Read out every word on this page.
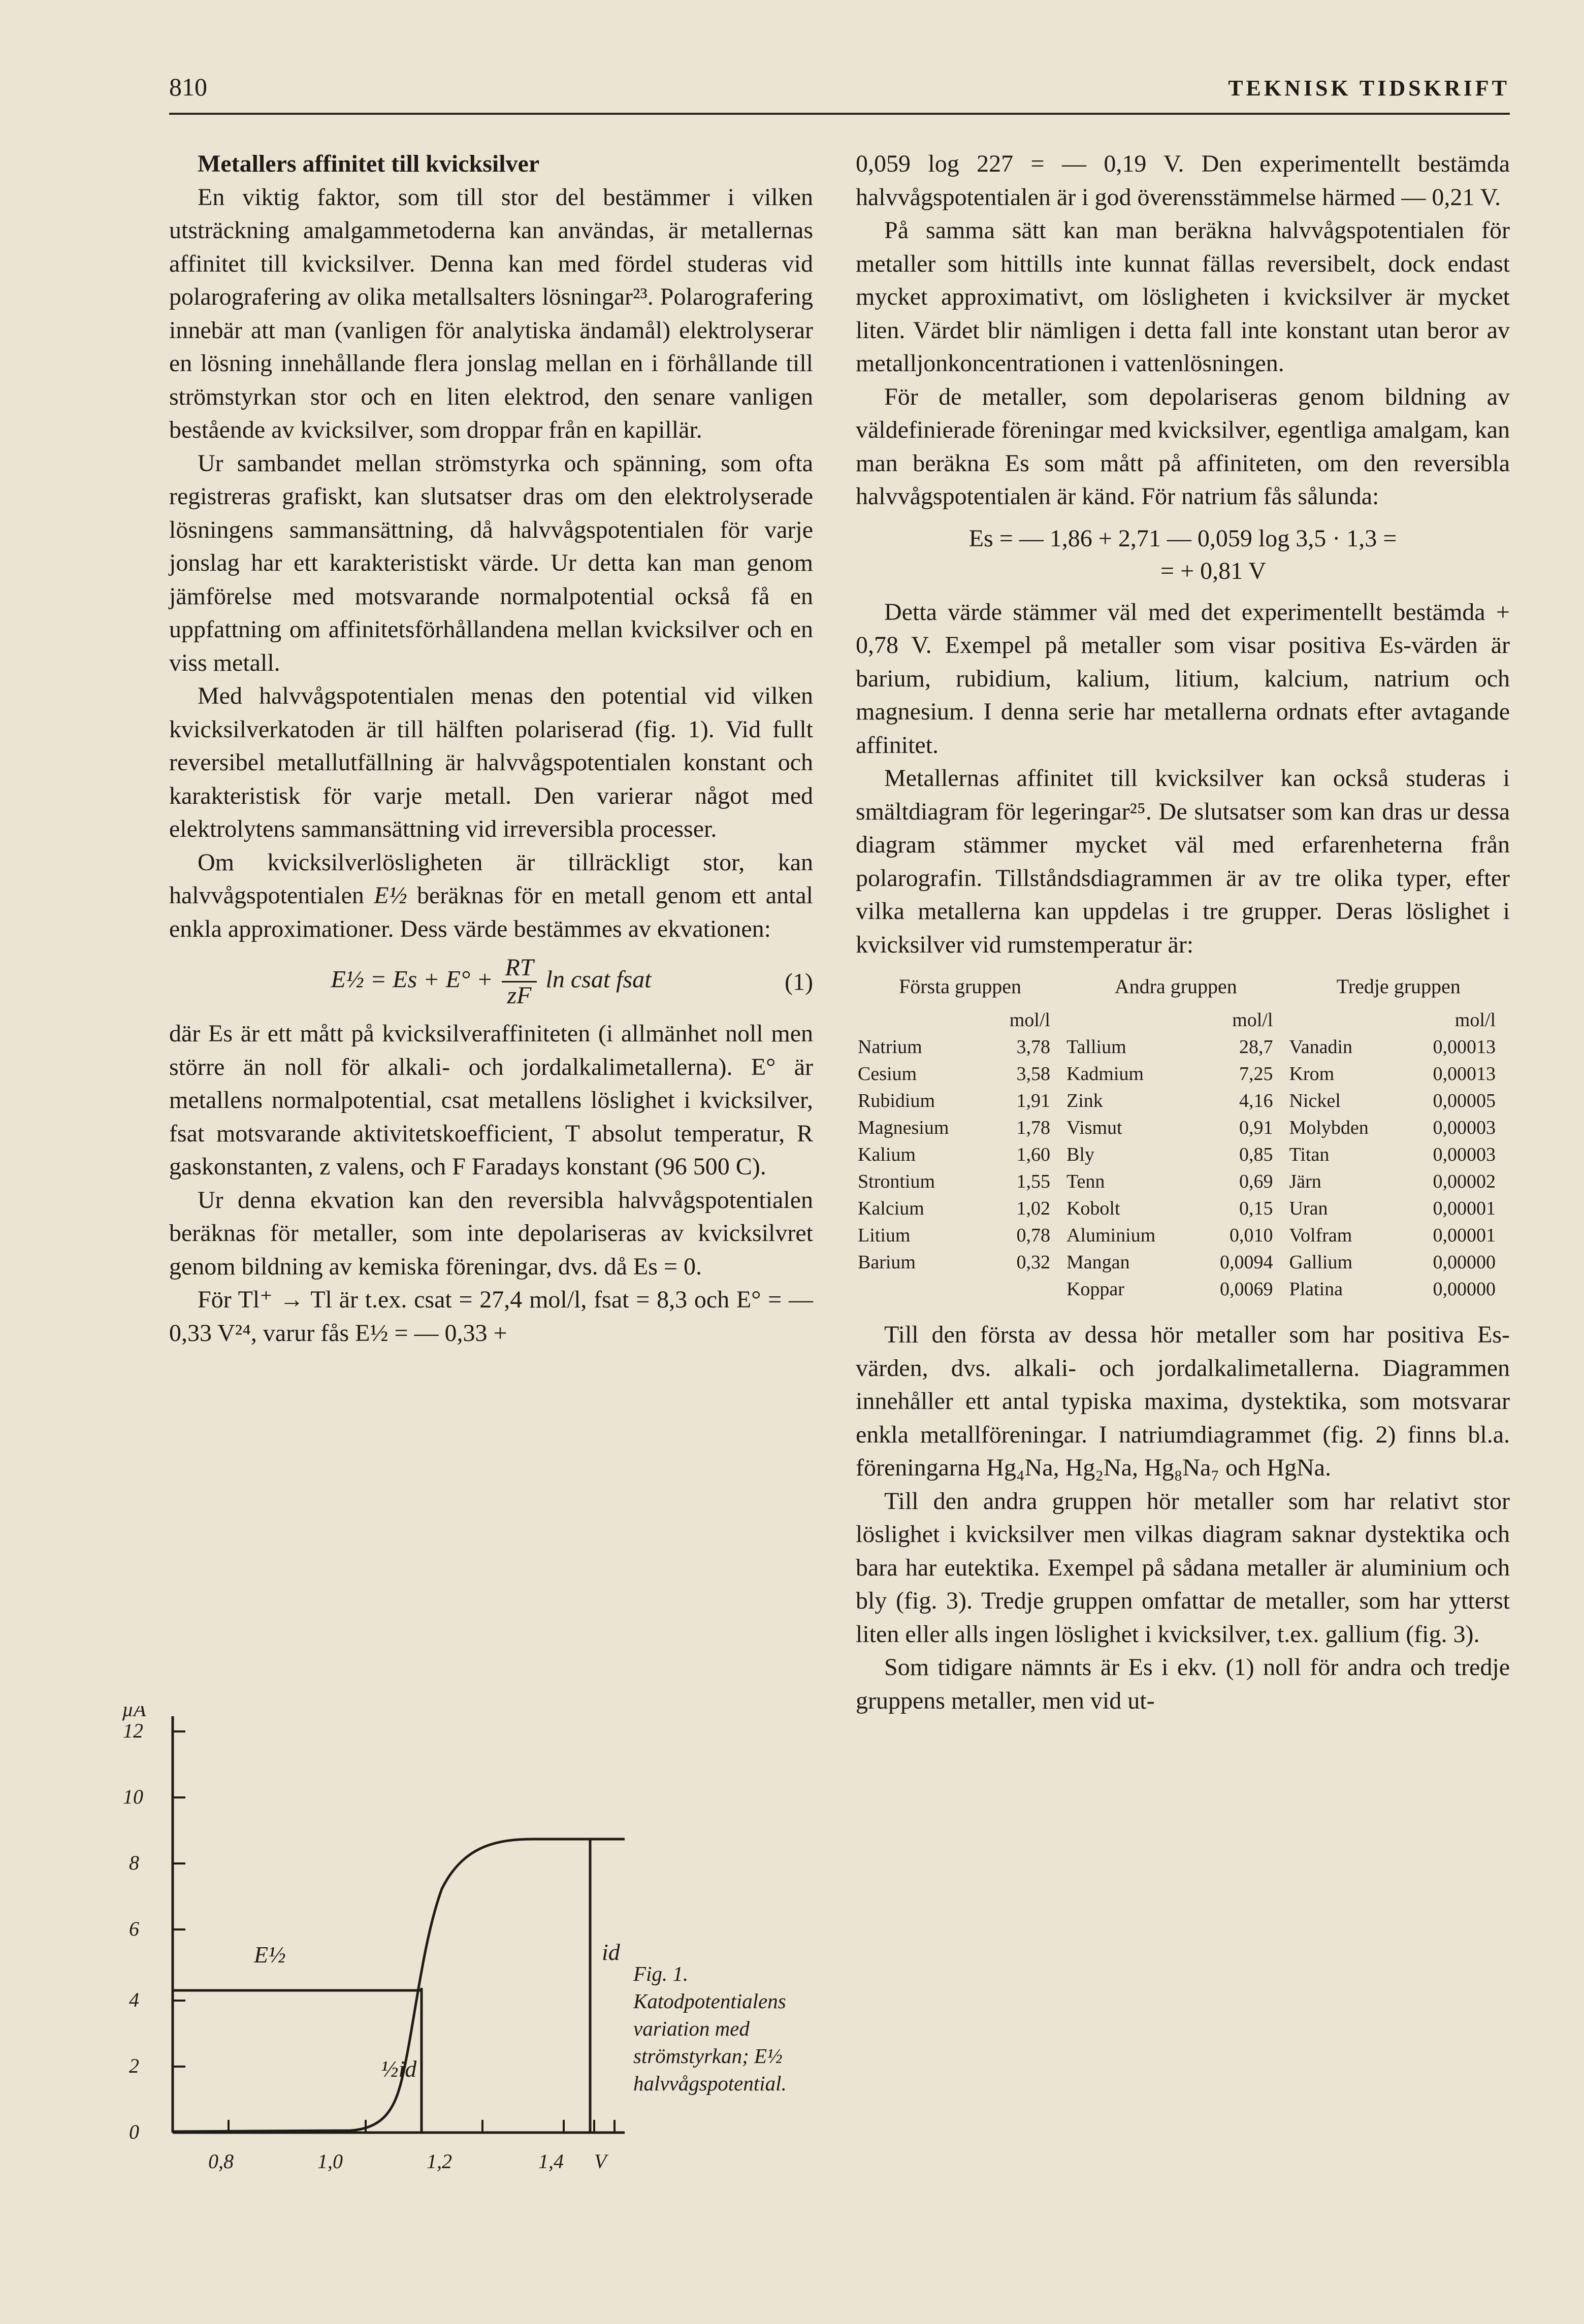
810	TEKNISK TIDSKRIFT
Metallers affinitet till kvicksilver

En viktig faktor, som till stor del bestämmer i vilken utsträckning amalgammetoderna kan användas, är metallernas affinitet till kvicksilver. Denna kan med fördel studeras vid polarografering av olika metallsalters lösningar²³. Polarografering innebär att man (vanligen för analytiska ändamål) elektrolyserar en lösning innehållande flera jonslag mellan en i förhållande till strömstyrkan stor och en liten elektrod, den senare vanligen bestående av kvicksilver, som droppar från en kapillär.

Ur sambandet mellan strömstyrka och spänning, som ofta registreras grafiskt, kan slutsatser dras om den elektrolyserade lösningens sammansättning, då halvvågspotentialen för varje jonslag har ett karakteristiskt värde. Ur detta kan man genom jämförelse med motsvarande normalpotential också få en uppfattning om affinitetsförhållandena mellan kvicksilver och en viss metall.

Med halvvågspotentialen menas den potential vid vilken kvicksilverkatoden är till hälften polariserad (fig. 1). Vid fullt reversibel metallutfällning är halvvågspotentialen konstant och karakteristisk för varje metall. Den varierar något med elektrolytens sammansättning vid irreversibla processer.

Om kvicksilverlösligheten är tillräckligt stor, kan halvvågspotentialen E½ beräknas för en metall genom ett antal enkla approximationer. Dess värde bestämmes av ekvationen:

E½ = $Es + E^\circ + \frac{RT}{zF}$ ln csat fsat	(1)

där Es är ett mått på kvicksilveraffiniteten (i allmänhet noll men större än noll för alkali- och jordalkalimetallerna). E° är metallens normalpotential, csat metallens löslighet i kvicksilver, fsat motsvarande aktivitetskoefficient, T absolut temperatur, R gaskonstanten, z valens, och F Faradays konstant (96 500 C).

Ur denna ekvation kan den reversibla halvvågspotentialen beräknas för metaller, som inte depolariseras av kvicksilvret genom bildning av kemiska föreningar, dvs. då Es = 0.

För Tl⁺ → Tl är t.ex. csat = 27,4 mol/l, fsat = 8,3 och E° = — 0,33 V²⁴, varur fås E½ = — 0,33 +

0,059 log 227 = — 0,19 V. Den experimentellt bestämda halvvågspotentialen är i god överensstämmelse härmed — 0,21 V.

På samma sätt kan man beräkna halvvågspotentialen för metaller som hittills inte kunnat fällas reversibelt, dock endast mycket approximativt, om lösligheten i kvicksilver är mycket liten. Värdet blir nämligen i detta fall inte konstant utan beror av metalljonkoncentrationen i vattenlösningen.

För de metaller, som depolariseras genom bildning av väldefinierade föreningar med kvicksilver, egentliga amalgam, kan man beräkna Es som mått på affiniteten, om den reversibla halvvågspotentialen är känd. För natrium fås sålunda:

Es = — 1,86 + 2,71 — 0,059 log 3,5 · 1,3 =
= + 0,81 V

Detta värde stämmer väl med det experimentellt bestämda + 0,78 V. Exempel på metaller som visar positiva Es-värden är barium, rubidium, kalium, litium, kalcium, natrium och magnesium. I denna serie har metallerna ordnats efter avtagande affinitet.

Metallernas affinitet till kvicksilver kan också studeras i smältdiagram för legeringar²⁵. De slutsatser som kan dras ur dessa diagram stämmer mycket väl med erfarenheterna från polarografin. Tillståndsdiagrammen är av tre olika typer, efter vilka metallerna kan uppdelas i tre grupper. Deras löslighet i kvicksilver vid rumstemperatur är:

Första gruppen		Andra gruppen		Tredje gruppen	
	mol/l		mol/l		mol/l
Natrium	3,78	Tallium	28,7	Vanadin	0,00013
Cesium	3,58	Kadmium	7,25	Krom	0,00013
Rubidium	1,91	Zink	4,16	Nickel	0,00005
Magnesium	1,78	Vismut	0,91	Molybden	0,00003
Kalium	1,60	Bly	0,85	Titan	0,00003
Strontium	1,55	Tenn	0,69	Järn	0,00002
Kalcium	1,02	Kobolt	0,15	Uran	0,00001
Litium	0,78	Aluminium	0,010	Volfram	0,00001
Barium	0,32	Mangan	0,0094	Gallium	0,00000
		Koppar	0,0069	Platina	0,00000

Till den första av dessa hör metaller som har positiva Es-värden, dvs. alkali- och jordalkalimetallerna. Diagrammen innehåller ett antal typiska maxima, dystektika, som motsvarar enkla metallföreningar. I natriumdiagrammet (fig. 2) finns bl.a. föreningarna Hg₄Na, Hg₂Na, Hg₈Na₇ och HgNa.

Till den andra gruppen hör metaller som har relativt stor löslighet i kvicksilver men vilkas diagram saknar dystektika och bara har eutektika. Exempel på sådana metaller är aluminium och bly (fig. 3). Tredje gruppen omfattar de metaller, som har ytterst liten eller alls ingen löslighet i kvicksilver, t.ex. gallium (fig. 3).

Som tidigare nämnts är Es i ekv. (1) noll för andra och tredje gruppens metaller, men vid ut-

µA
12
10
8
6
4
2
0
0,8	1,0	1,2	1,4 V
E½	id
½id
Fig. 1. Katodpotentialens variation med strömstyrkan; E½ halvvågspotential.
